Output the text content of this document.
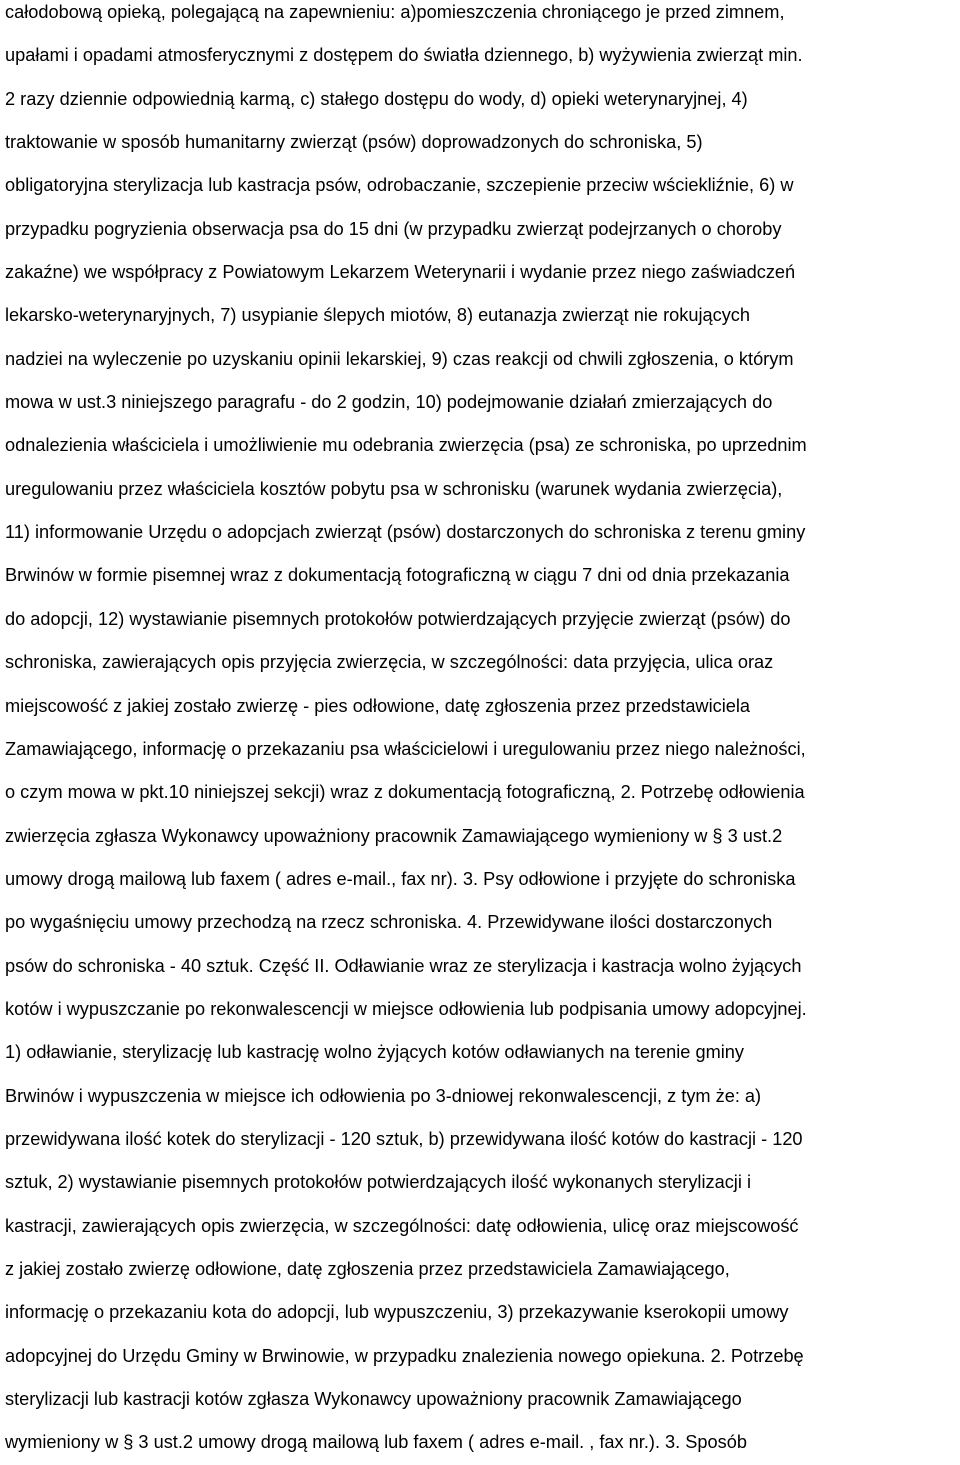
całodobową opieką, polegającą na zapewnieniu: a)pomieszczenia chroniącego je przed zimnem,
upałami i opadami atmosferycznymi z dostępem do światła dziennego, b) wyżywienia zwierząt min.
2 razy dziennie odpowiednią karmą, c) stałego dostępu do wody, d) opieki weterynaryjnej, 4)
traktowanie w sposób humanitarny zwierząt (psów) doprowadzonych do schroniska, 5)
obligatoryjna sterylizacja lub kastracja psów, odrobaczanie, szczepienie przeciw wściekliźnie, 6) w
przypadku pogryzienia obserwacja psa do 15 dni (w przypadku zwierząt podejrzanych o choroby
zakaźne) we współpracy z Powiatowym Lekarzem Weterynarii i wydanie przez niego zaświadczeń
lekarsko-weterynaryjnych, 7) usypianie ślepych miotów, 8) eutanazja zwierząt nie rokujących
nadziei na wyleczenie po uzyskaniu opinii lekarskiej, 9) czas reakcji od chwili zgłoszenia, o którym
mowa w ust.3 niniejszego paragrafu - do 2 godzin, 10) podejmowanie działań zmierzających do
odnalezienia właściciela i umożliwienie mu odebrania zwierzęcia (psa) ze schroniska, po uprzednim
uregulowaniu przez właściciela kosztów pobytu psa w schronisku (warunek wydania zwierzęcia),
11) informowanie Urzędu o adopcjach zwierząt (psów) dostarczonych do schroniska z terenu gminy
Brwinów w formie pisemnej wraz z dokumentacją fotograficzną w ciągu 7 dni od dnia przekazania
do adopcji, 12) wystawianie pisemnych protokołów potwierdzających przyjęcie zwierząt (psów) do
schroniska, zawierających opis przyjęcia zwierzęcia, w szczególności: data przyjęcia, ulica oraz
miejscowość z jakiej zostało zwierzę - pies odłowione, datę zgłoszenia przez przedstawiciela
Zamawiającego, informację o przekazaniu psa właścicielowi i uregulowaniu przez niego należności,
o czym mowa w pkt.10 niniejszej sekcji) wraz z dokumentacją fotograficzną, 2. Potrzebę odłowienia
zwierzęcia zgłasza Wykonawcy upoważniony pracownik Zamawiającego wymieniony w § 3 ust.2
umowy drogą mailową lub faxem ( adres e-mail., fax nr). 3. Psy odłowione i przyjęte do schroniska
po wygaśnięciu umowy przechodzą na rzecz schroniska. 4. Przewidywane ilości dostarczonych
psów do schroniska - 40 sztuk. Część II. Odławianie wraz ze sterylizacja i kastracja wolno żyjących
kotów i wypuszczanie po rekonwalescencji w miejsce odłowienia lub podpisania umowy adopcyjnej.
1) odławianie, sterylizację lub kastrację wolno żyjących kotów odławianych na terenie gminy
Brwinów i wypuszczenia w miejsce ich odłowienia po 3-dniowej rekonwalescencji, z tym że: a)
przewidywana ilość kotek do sterylizacji - 120 sztuk, b) przewidywana ilość kotów do kastracji - 120
sztuk, 2) wystawianie pisemnych protokołów potwierdzających ilość wykonanych sterylizacji i
kastracji, zawierających opis zwierzęcia, w szczególności: datę odłowienia, ulicę oraz miejscowość
z jakiej zostało zwierzę odłowione, datę zgłoszenia przez przedstawiciela Zamawiającego,
informację o przekazaniu kota do adopcji, lub wypuszczeniu, 3) przekazywanie kserokopii umowy
adopcyjnej do Urzędu Gminy w Brwinowie, w przypadku znalezienia nowego opiekuna. 2. Potrzebę
sterylizacji lub kastracji kotów zgłasza Wykonawcy upoważniony pracownik Zamawiającego
wymieniony w § 3 ust.2 umowy drogą mailową lub faxem ( adres e-mail. , fax nr.). 3. Sposób
